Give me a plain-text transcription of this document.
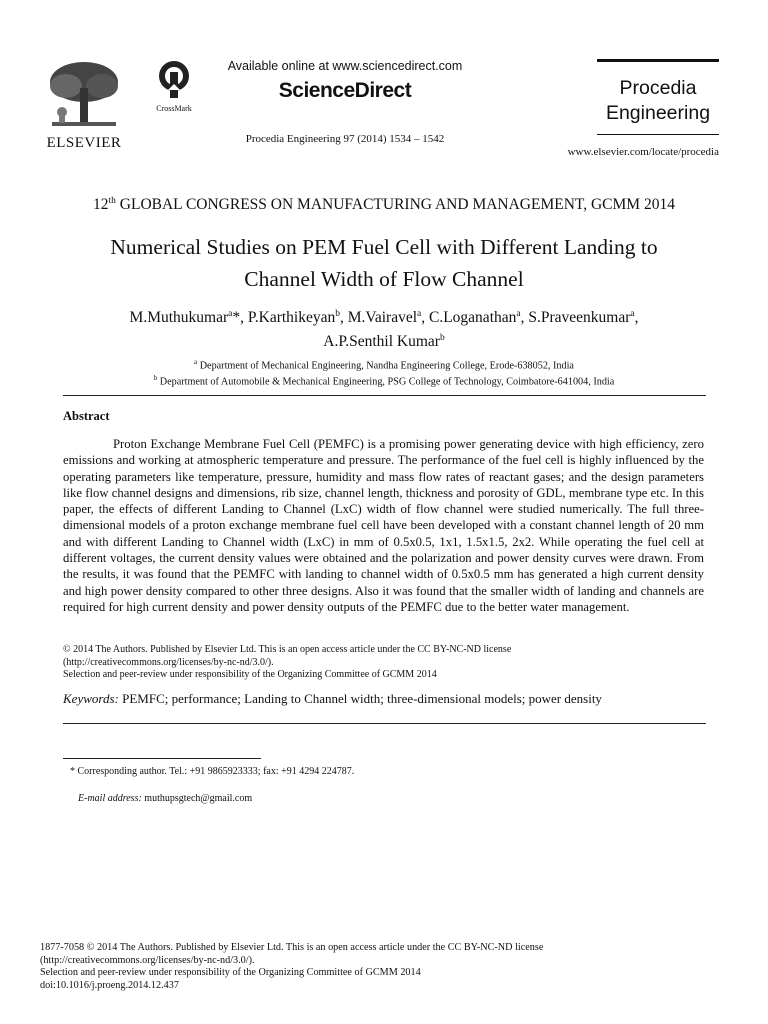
ELSEVIER
CrossMark
Available online at www.sciencedirect.com
ScienceDirect
Procedia Engineering 97 (2014) 1534 – 1542
Procedia
Engineering
www.elsevier.com/locate/procedia
12th GLOBAL CONGRESS ON MANUFACTURING AND MANAGEMENT, GCMM 2014
Numerical Studies on PEM Fuel Cell with Different Landing to
Channel Width of Flow Channel
M.Muthukumar$^a$*, P.Karthikeyan$^b$, M.Vairavel$^a$, C.Loganathan$^a$, S.Praveenkumar$^a$,
A.P.Senthil Kumar$^b$
$^a$ Department of Mechanical Engineering, Nandha Engineering College, Erode-638052, India
$^b$ Department of Automobile & Mechanical Engineering, PSG College of Technology, Coimbatore-641004, India
Abstract
Proton Exchange Membrane Fuel Cell (PEMFC) is a promising power generating device with high efficiency, zero emissions and working at atmospheric temperature and pressure. The performance of the fuel cell is highly influenced by the operating parameters like temperature, pressure, humidity and mass flow rates of reactant gases; and the design parameters like flow channel designs and dimensions, rib size, channel length, thickness and porosity of GDL, membrane type etc. In this paper, the effects of different Landing to Channel (LxC) width of flow channel were studied numerically. The full three-dimensional models of a proton exchange membrane fuel cell have been developed with a constant channel length of 20 mm and with different Landing to Channel width (LxC) in mm of 0.5x0.5, 1x1, 1.5x1.5, 2x2. While operating the fuel cell at different voltages, the current density values were obtained and the polarization and power density curves were drawn. From the results, it was found that the PEMFC with landing to channel width of 0.5x0.5 mm has generated a high current density and high power density compared to other three designs. Also it was found that the smaller width of landing and channels are required for high current density and power density outputs of the PEMFC due to the better water management.
© 2014 The Authors. Published by Elsevier Ltd. This is an open access article under the CC BY-NC-ND license
(http://creativecommons.org/licenses/by-nc-nd/3.0/).
Selection and peer-review under responsibility of the Organizing Committee of GCMM 2014
Keywords: PEMFC; performance; Landing to Channel width; three-dimensional models; power density
* Corresponding author. Tel.: +91 9865923333; fax: +91 4294 224787.
E-mail address: muthupsgtech@gmail.com
1877-7058 © 2014 The Authors. Published by Elsevier Ltd. This is an open access article under the CC BY-NC-ND license
(http://creativecommons.org/licenses/by-nc-nd/3.0/).
Selection and peer-review under responsibility of the Organizing Committee of GCMM 2014
doi:10.1016/j.proeng.2014.12.437
